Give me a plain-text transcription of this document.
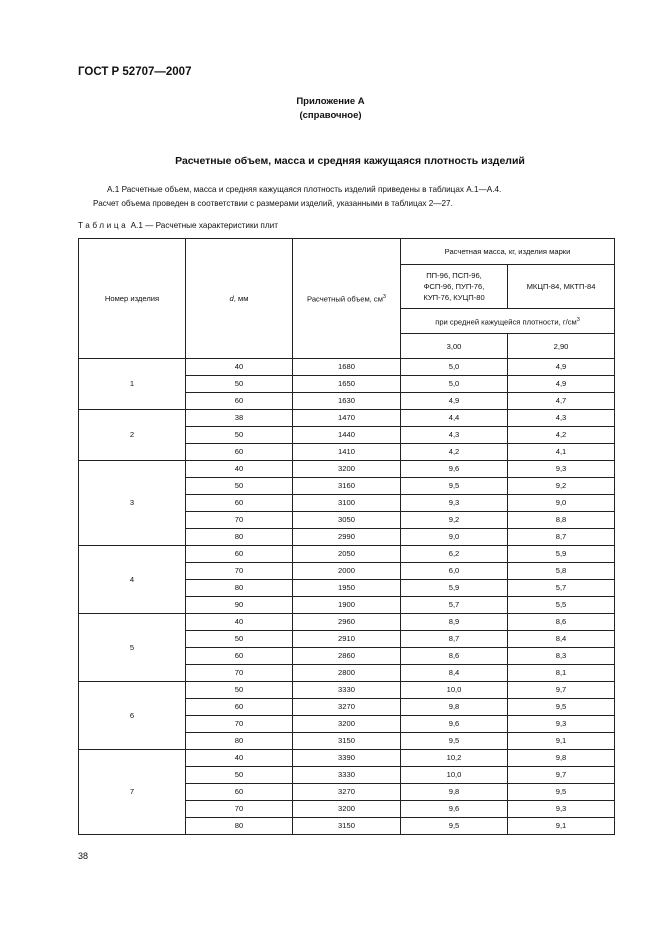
ГОСТ Р 52707—2007
Приложение А
(справочное)
Расчетные объем, масса и средняя кажущаяся плотность изделий
А.1 Расчетные объем, масса и средняя кажущаяся плотность изделий приведены в таблицах А.1—А.4.
Расчет объема проведен в соответствии с размерами изделий, указанными в таблицах 2—27.
Таблица А.1 — Расчетные характеристики плит
Номер изделия	d, мм	Расчетный объем, $см^3$	Расчетная масса, кг, изделия марки	

			ПП-96, ПСП-96,
ФСП-96, ПУП-76,
КУП-76, КУЦП-80	МКЦП-84, МКТП-84
			при средней кажущейся плотности, $г/см^3$
			3,00	2,90
1	40	1680	5,0	4,9
	50	1650	5,0	4,9
	60	1630	4,9	4,7
2	38	1470	4,4	4,3
	50	1440	4,3	4,2
	60	1410	4,2	4,1
3	40	3200	9,6	9,3
	50	3160	9,5	9,2
	60	3100	9,3	9,0
	70	3050	9,2	8,8
	80	2990	9,0	8,7
4	60	2050	6,2	5,9
	70	2000	6,0	5,8
	80	1950	5,9	5,7
	90	1900	5,7	5,5
5	40	2960	8,9	8,6
	50	2910	8,7	8,4
	60	2860	8,6	8,3
	70	2800	8,4	8,1
6	50	3330	10,0	9,7
	60	3270	9,8	9,5
	70	3200	9,6	9,3
	80	3150	9,5	9,1
7	40	3390	10,2	9,8
	50	3330	10,0	9,7
	60	3270	9,8	9,5
	70	3200	9,6	9,3
	80	3150	9,5	9,1
38
